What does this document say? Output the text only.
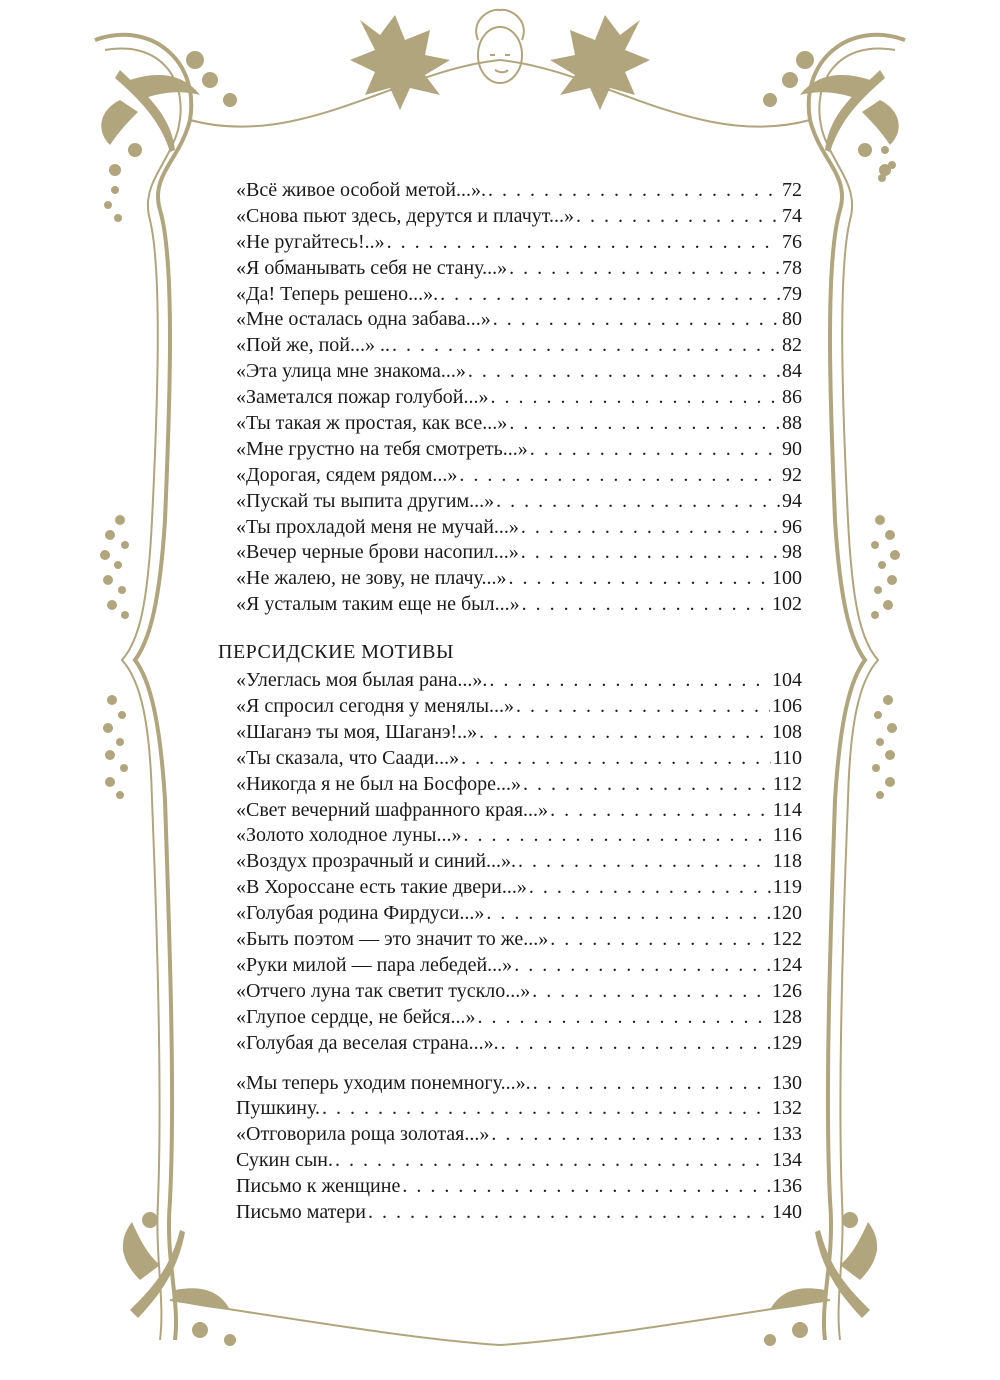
«Всё живое особой метой...». . . .	72
«Снова пьют здесь, дерутся и плачут...» . . .	74
«Не ругайтесь!..» . . .	76
«Я обманывать себя не стану...» . . .	78
«Да! Теперь решено...». . . .	79
«Мне осталась одна забава...» . . .	80
«Пой же, пой...» .. . . .	82
«Эта улица мне знакома...» . . .	84
«Заметался пожар голубой...» . . .	86
«Ты такая ж простая, как все...» . . .	88
«Мне грустно на тебя смотреть...» . . .	90
«Дорогая, сядем рядом...» . . .	92
«Пускай ты выпита другим...» . . .	94
«Ты прохладой меня не мучай...» . . .	96
«Вечер черные брови насопил...» . . .	98
«Не жалею, не зову, не плачу...» . . .	100
«Я усталым таким еще не был...» . . .	102
ПЕРСИДСКИЕ МОТИВЫ
«Улеглась моя былая рана...». . . .	104
«Я спросил сегодня у менялы...» . . .	106
«Шаганэ ты моя, Шаганэ!..» . . .	108
«Ты сказала, что Саади...» . . .	110
«Никогда я не был на Босфоре...» . . .	112
«Свет вечерний шафранного края...» . . .	114
«Золото холодное луны...» . . .	116
«Воздух прозрачный и синий...». . . .	118
«В Хороссане есть такие двери...» . . .	119
«Голубая родина Фирдуси...» . . .	120
«Быть поэтом — это значит то же...» . . .	122
«Руки милой — пара лебедей...» . . .	124
«Отчего луна так светит тускло...» . . .	126
«Глупое сердце, не бейся...» . . .	128
«Голубая да веселая страна...». . . .	129
«Мы теперь уходим понемногу...». . . .	130
Пушкину. . . .	132
«Отговорила роща золотая...» . . .	133
Сукин сын. . . .	134
Письмо к женщине . . .	136
Письмо матери . . .	140
